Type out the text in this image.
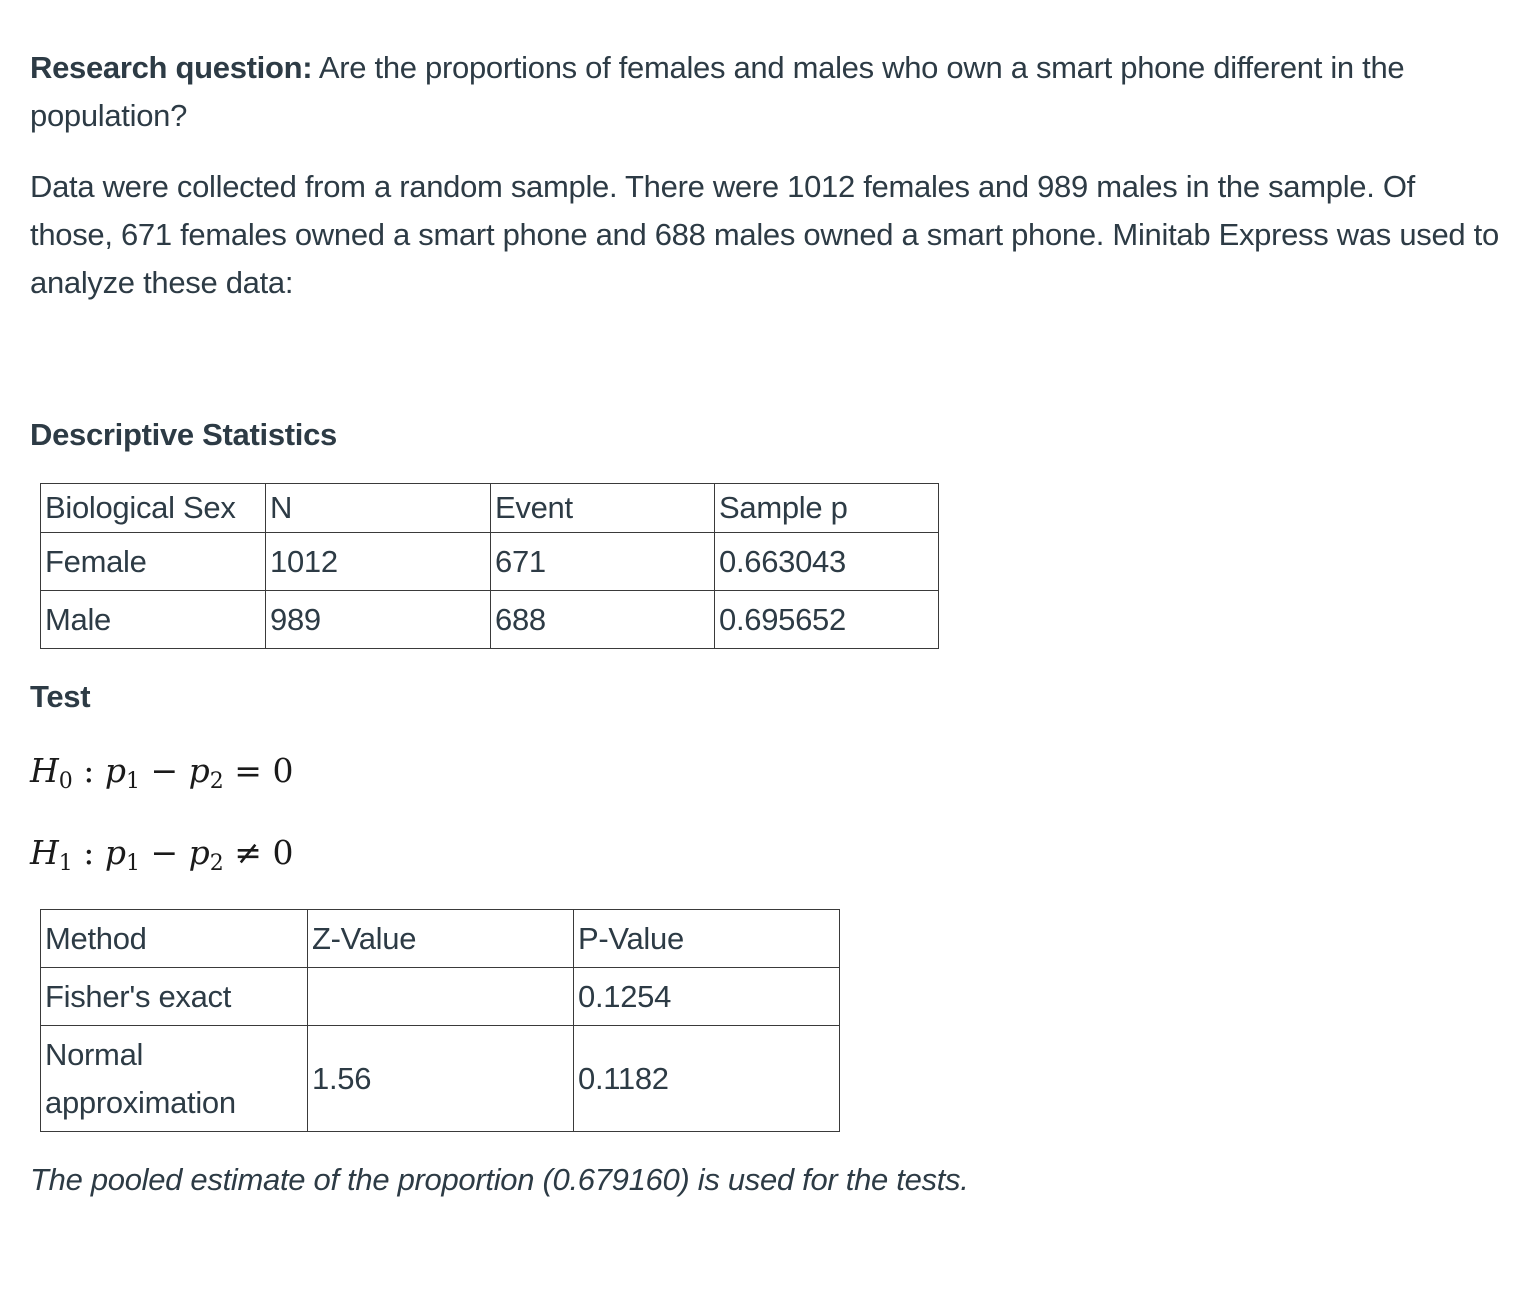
Research question: Are the proportions of females and males who own a smart phone different in the population?

Data were collected from a random sample. There were 1012 females and 989 males in the sample. Of those, 671 females owned a smart phone and 688 males owned a smart phone. Minitab Express was used to analyze these data:

Descriptive Statistics
Biological Sex	N	Event	Sample p
Female	1012	671	0.663043
Male	989	688	0.695652
Test
$H_0$ : $p_1 - p_2 = 0$
$H_1$ : $p_1 - p_2 \ne 0$
Method	Z-Value	P-Value
Fisher's exact		0.1254
Normal approximation	1.56	0.1182

The pooled estimate of the proportion (0.679160) is used for the tests.
